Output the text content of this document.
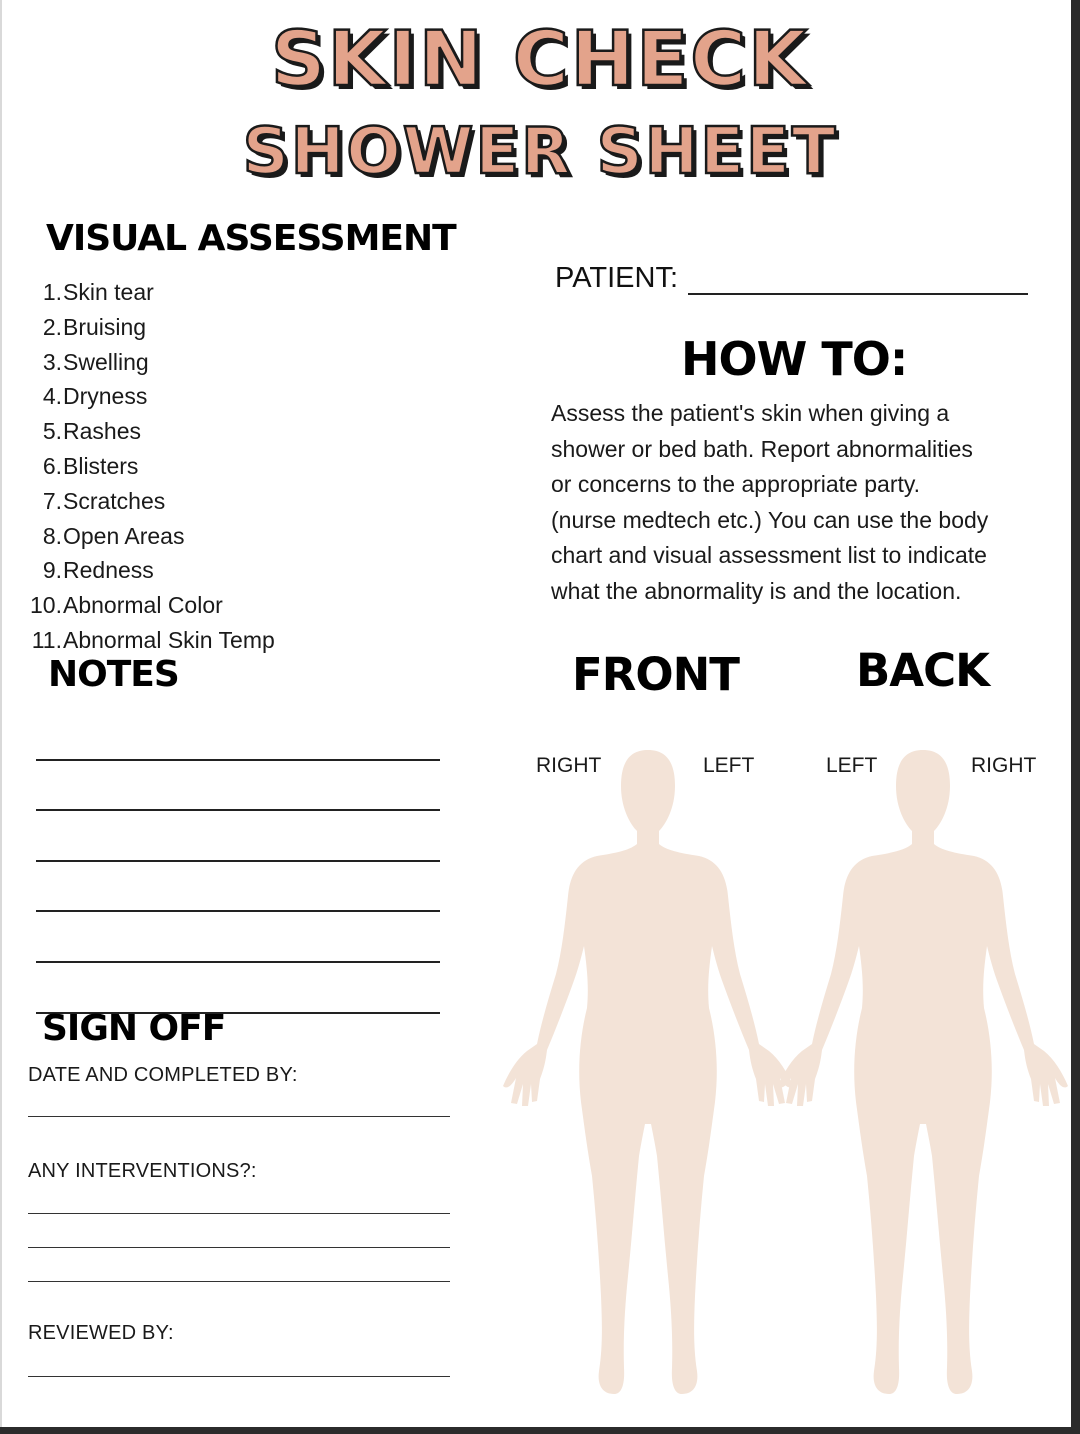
SKIN CHECK
SHOWER SHEET
VISUAL ASSESSMENT
1. Skin tear
2. Bruising
3. Swelling
4. Dryness
5. Rashes
6. Blisters
7. Scratches
8. Open Areas
9. Redness
10. Abnormal Color
11. Abnormal Skin Temp
NOTES
SIGN OFF
DATE AND COMPLETED BY:
ANY INTERVENTIONS?:
REVIEWED BY:
PATIENT:
HOW TO:
Assess the patient's skin when giving a
shower or bed bath. Report abnormalities
or concerns to the appropriate party.
(nurse medtech etc.) You can use the body
chart and visual assessment list to indicate
what the abnormality is and the location.
FRONT	BACK
RIGHT	LEFT	LEFT	RIGHT
